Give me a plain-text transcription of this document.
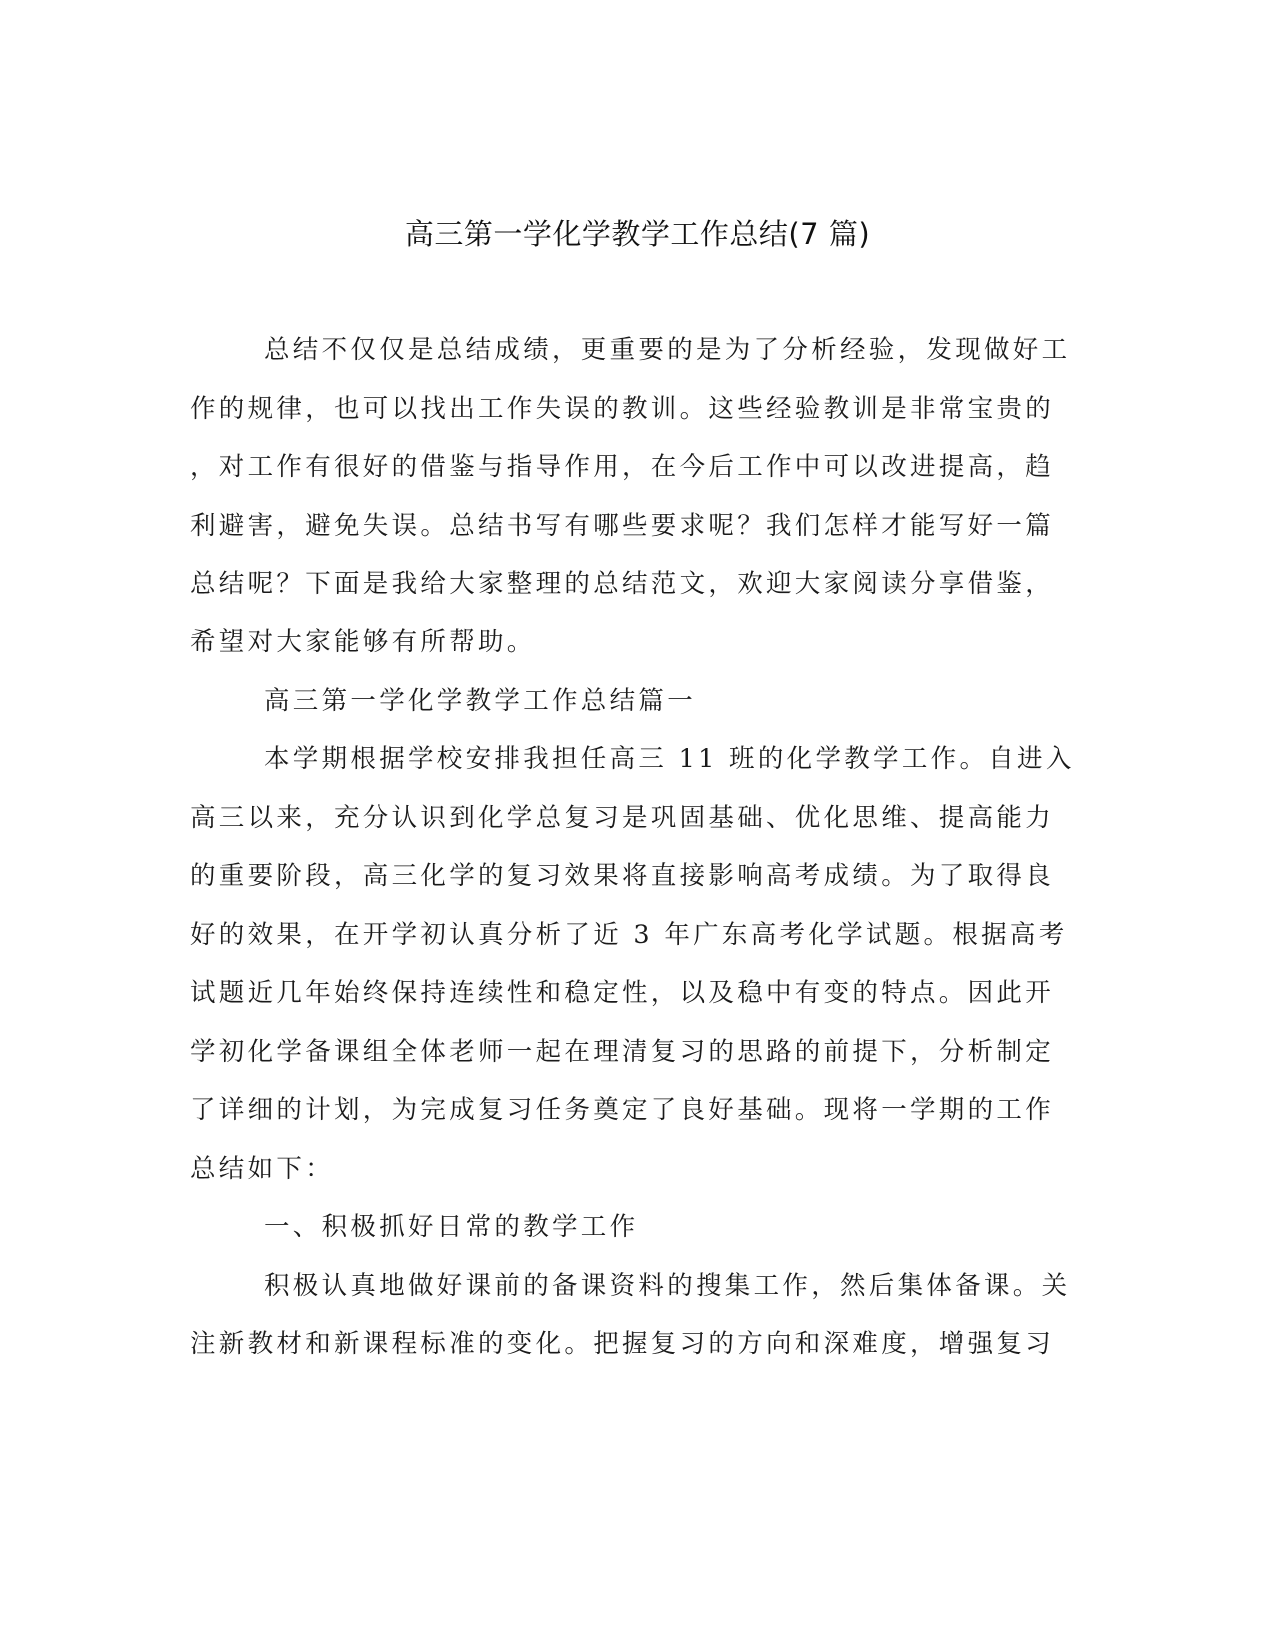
高三第一学化学教学工作总结(7 篇)
总结不仅仅是总结成绩，更重要的是为了分析经验，发现做好工
作的规律，也可以找出工作失误的教训。这些经验教训是非常宝贵的
，对工作有很好的借鉴与指导作用，在今后工作中可以改进提高，趋
利避害，避免失误。总结书写有哪些要求呢？我们怎样才能写好一篇
总结呢？下面是我给大家整理的总结范文，欢迎大家阅读分享借鉴，
希望对大家能够有所帮助。
高三第一学化学教学工作总结篇一
本学期根据学校安排我担任高三 11 班的化学教学工作。自进入
高三以来，充分认识到化学总复习是巩固基础、优化思维、提高能力
的重要阶段，高三化学的复习效果将直接影响高考成绩。为了取得良
好的效果，在开学初认真分析了近 3 年广东高考化学试题。根据高考
试题近几年始终保持连续性和稳定性，以及稳中有变的特点。因此开
学初化学备课组全体老师一起在理清复习的思路的前提下，分析制定
了详细的计划，为完成复习任务奠定了良好基础。现将一学期的工作
总结如下：
一、积极抓好日常的教学工作
积极认真地做好课前的备课资料的搜集工作，然后集体备课。关
注新教材和新课程标准的变化。把握复习的方向和深难度，增强复习
